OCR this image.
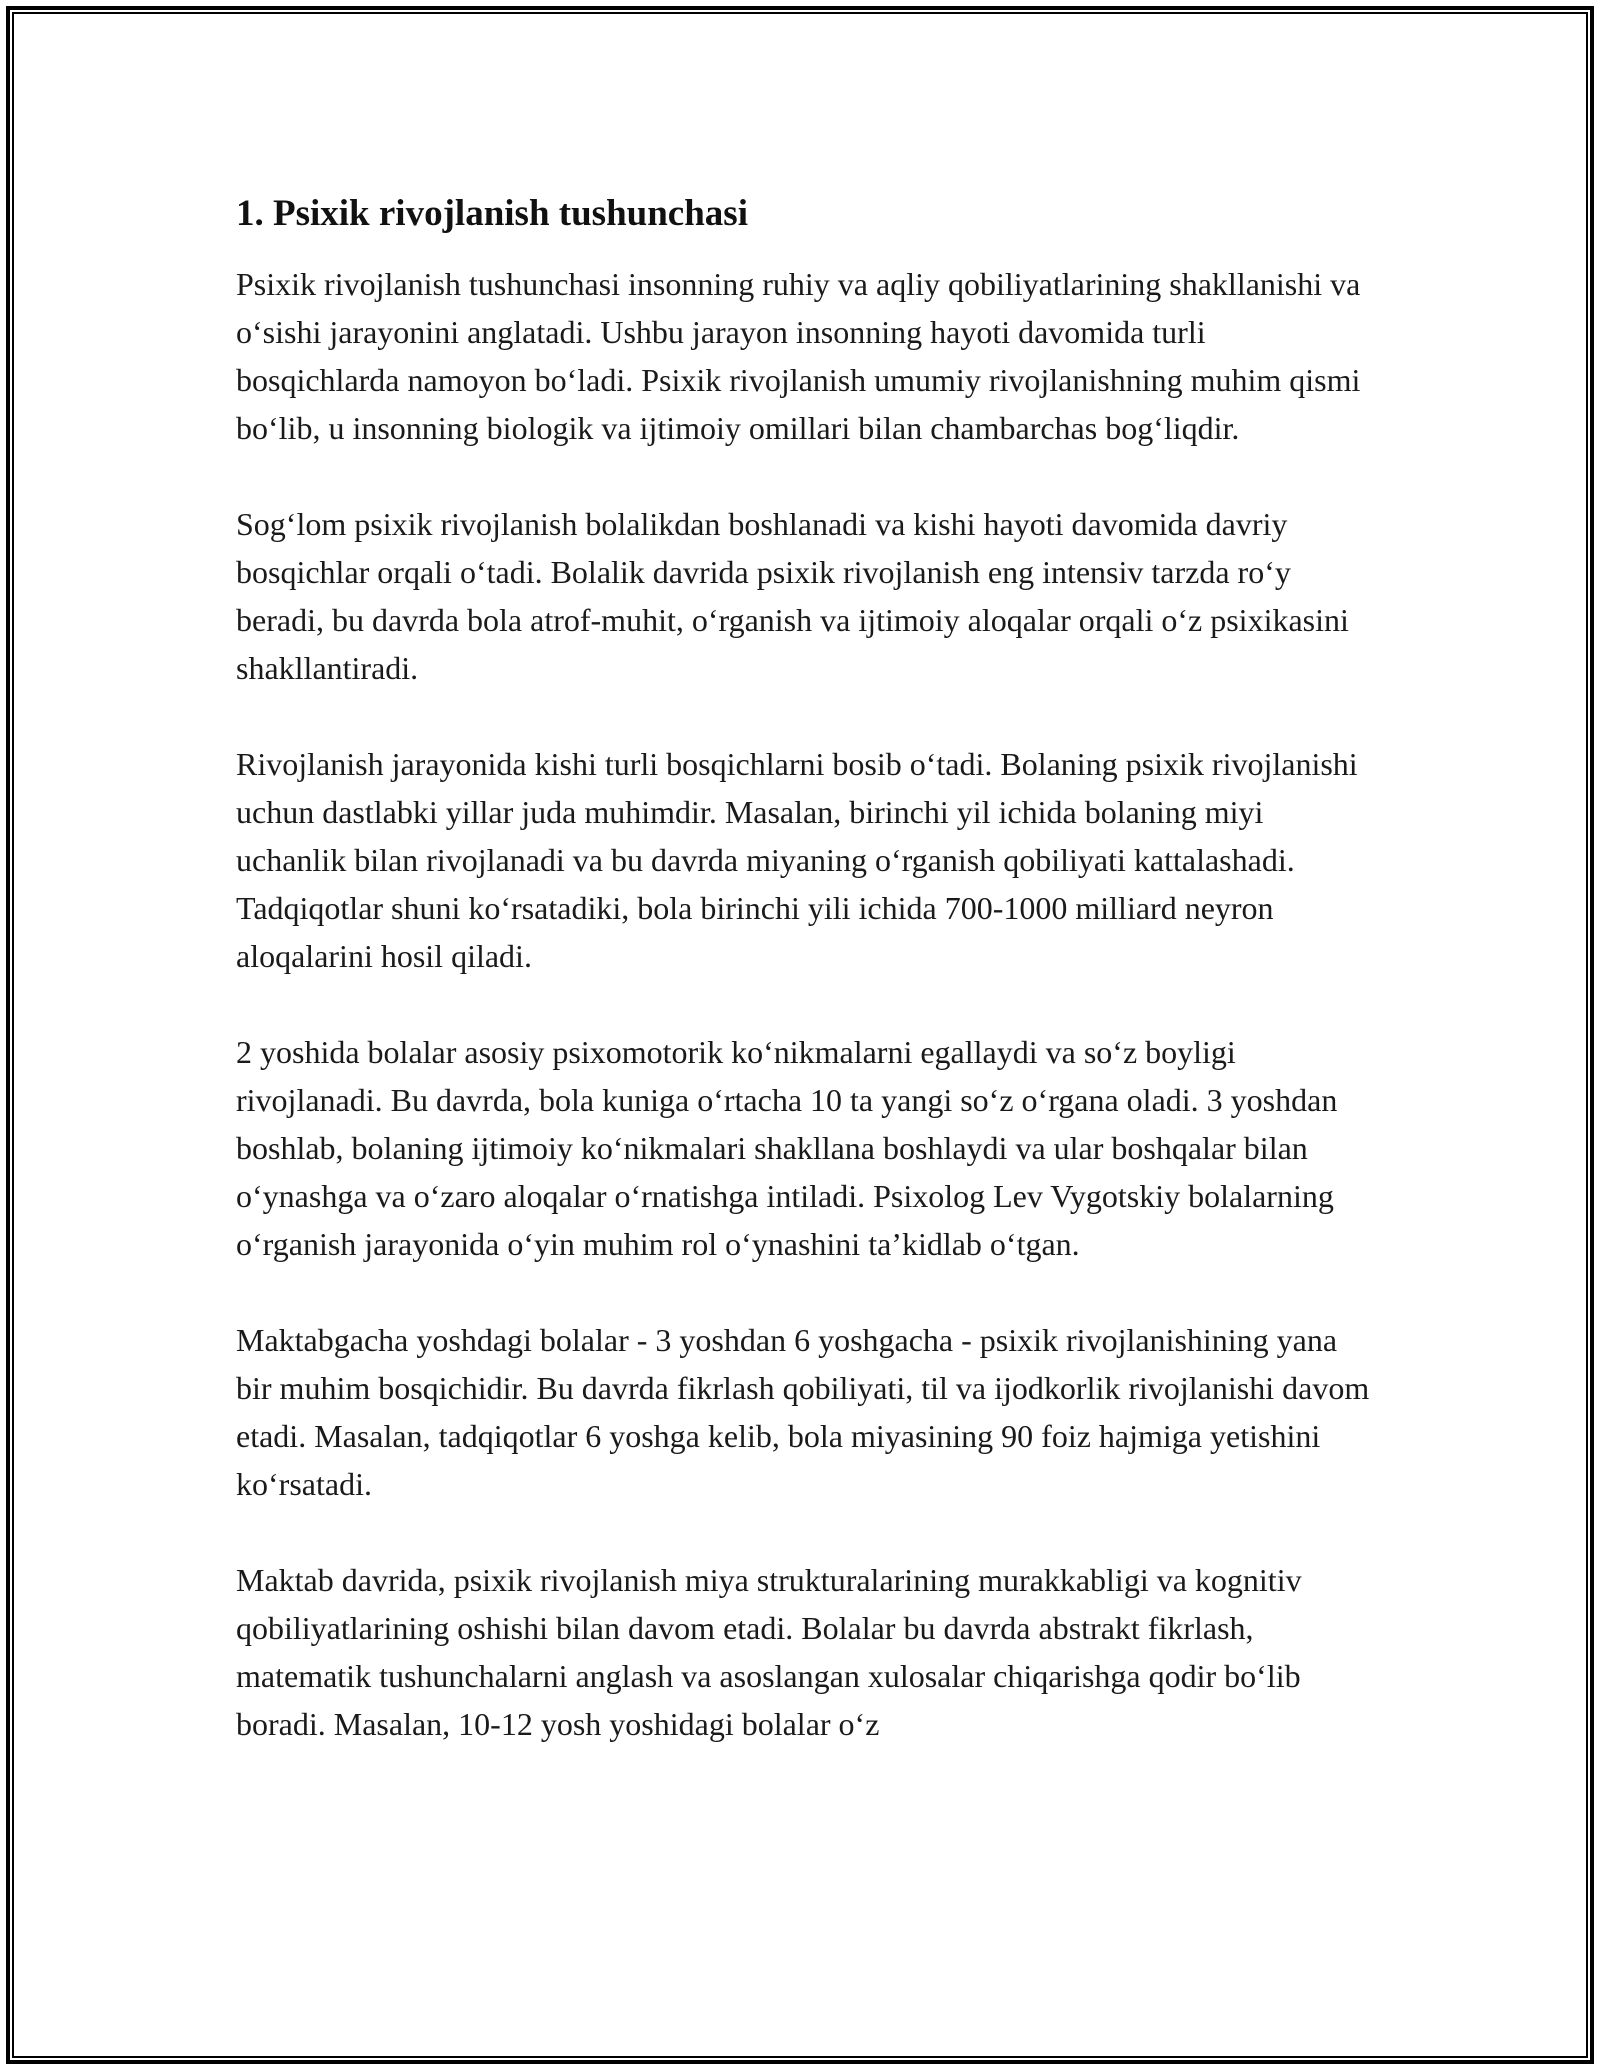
1. Psixik rivojlanish tushunchasi

Psixik rivojlanish tushunchasi insonning ruhiy va aqliy qobiliyatlarining shakllanishi va o‘sishi jarayonini anglatadi. Ushbu jarayon insonning hayoti davomida turli bosqichlarda namoyon bo‘ladi. Psixik rivojlanish umumiy rivojlanishning muhim qismi bo‘lib, u insonning biologik va ijtimoiy omillari bilan chambarchas bog‘liqdir.

Sog‘lom psixik rivojlanish bolalikdan boshlanadi va kishi hayoti davomida davriy bosqichlar orqali o‘tadi. Bolalik davrida psixik rivojlanish eng intensiv tarzda ro‘y beradi, bu davrda bola atrof-muhit, o‘rganish va ijtimoiy aloqalar orqali o‘z psixikasini shakllantiradi.

Rivojlanish jarayonida kishi turli bosqichlarni bosib o‘tadi. Bolaning psixik rivojlanishi uchun dastlabki yillar juda muhimdir. Masalan, birinchi yil ichida bolaning miyi uchanlik bilan rivojlanadi va bu davrda miyaning o‘rganish qobiliyati kattalashadi. Tadqiqotlar shuni ko‘rsatadiki, bola birinchi yili ichida 700-1000 milliard neyron aloqalarini hosil qiladi.

2 yoshida bolalar asosiy psixomotorik ko‘nikmalarni egallaydi va so‘z boyligi rivojlanadi. Bu davrda, bola kuniga o‘rtacha 10 ta yangi so‘z o‘rgana oladi. 3 yoshdan boshlab, bolaning ijtimoiy ko‘nikmalari shakllana boshlaydi va ular boshqalar bilan o‘ynashga va o‘zaro aloqalar o‘rnatishga intiladi. Psixolog Lev Vygotskiy bolalarning o‘rganish jarayonida o‘yin muhim rol o‘ynashini ta’kidlab o‘tgan.

Maktabgacha yoshdagi bolalar - 3 yoshdan 6 yoshgacha - psixik rivojlanishining yana bir muhim bosqichidir. Bu davrda fikrlash qobiliyati, til va ijodkorlik rivojlanishi davom etadi. Masalan, tadqiqotlar 6 yoshga kelib, bola miyasining 90 foiz hajmiga yetishini ko‘rsatadi.

Maktab davrida, psixik rivojlanish miya strukturalarining murakkabligi va kognitiv qobiliyatlarining oshishi bilan davom etadi. Bolalar bu davrda abstrakt fikrlash, matematik tushunchalarni anglash va asoslangan xulosalar chiqarishga qodir bo‘lib boradi. Masalan, 10-12 yosh yoshidagi bolalar o‘z
